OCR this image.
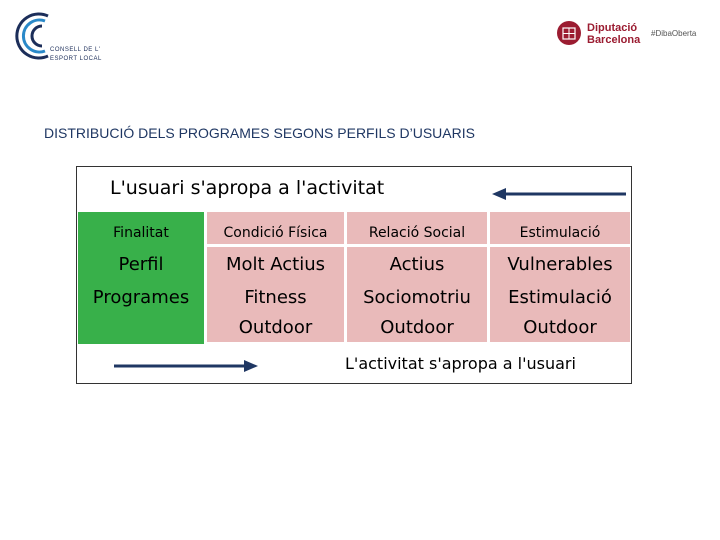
CONSELL DE L'
ESPORT LOCAL
Diputació
Barcelona
#DibaOberta
DISTRIBUCIÓ DELS PROGRAMES SEGONS PERFILS D’USUARIS
L'usuari s'apropa a l'activitat
Finalitat
Perfil
Programes
Condició Física
Molt Actius
Fitness
Outdoor
Relació Social
Actius
Sociomotriu
Outdoor
Estimulació
Vulnerables
Estimulació
Outdoor
L'activitat s'apropa a l'usuari
